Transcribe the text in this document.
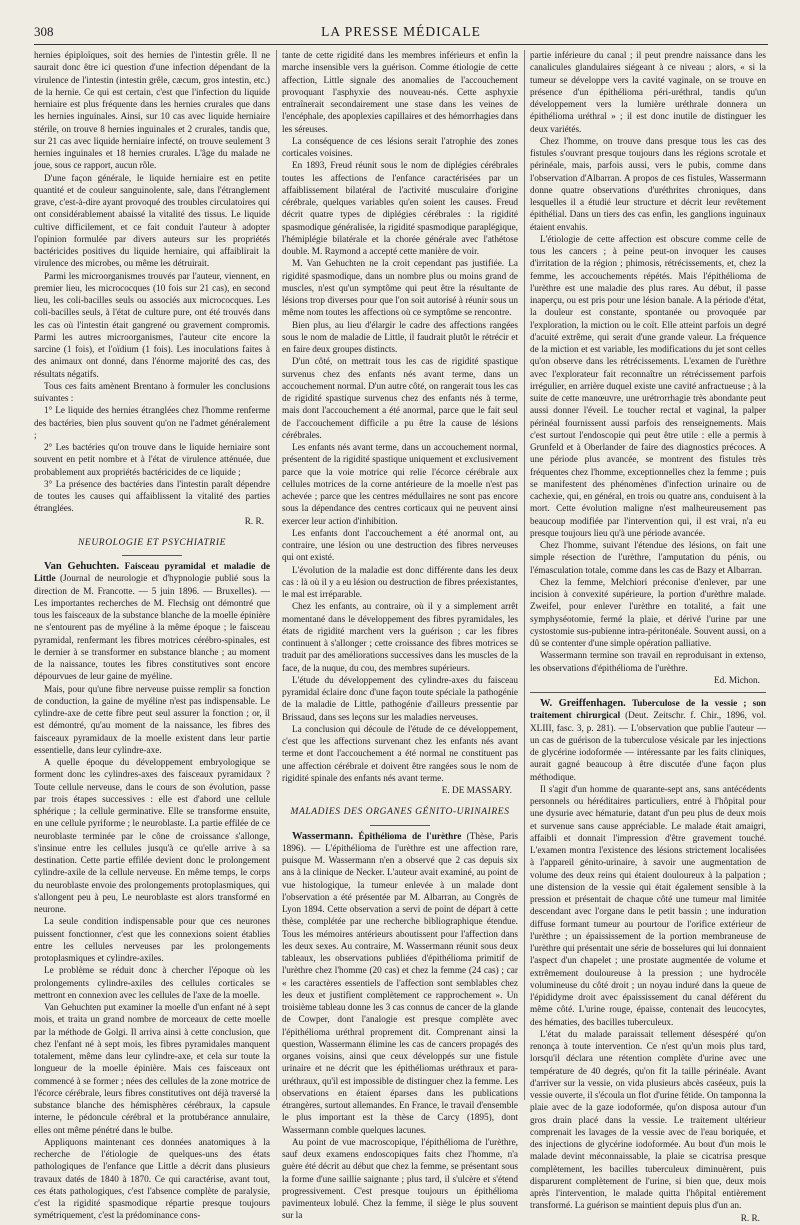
308	LA PRESSE MÉDICALE

hernies épiploïques, soit des hernies de l'intestin grêle. Il ne saurait donc être ici question d'une infection dépendant de la virulence de l'intestin (intestin grêle, cæcum, gros intestin, etc.) de la hernie. Ce qui est certain, c'est que l'infection du liquide herniaire est plus fréquente dans les hernies crurales que dans les hernies inguinales. Ainsi, sur 10 cas avec liquide herniaire stérile, on trouve 8 hernies inguinales et 2 crurales, tandis que, sur 21 cas avec liquide herniaire infecté, on trouve seulement 3 hernies inguinales et 18 hernies crurales. L'âge du malade ne joue, sous ce rapport, aucun rôle.

D'une façon générale, le liquide herniaire est en petite quantité et de couleur sanguinolente, sale, dans l'étranglement grave, c'est-à-dire ayant provoqué des troubles circulatoires qui ont considérablement abaissé la vitalité des tissus. Le liquide cultive difficilement, et ce fait conduit l'auteur à adopter l'opinion formulée par divers auteurs sur les propriétés bactéricides positives du liquide herniaire, qui affaiblirait la virulence des microbes, ou même les détruirait.

Parmi les microorganismes trouvés par l'auteur, viennent, en premier lieu, les micrococques (10 fois sur 21 cas), en second lieu, les coli-bacilles seuls ou associés aux micrococques. Les coli-bacilles seuls, à l'état de culture pure, ont été trouvés dans les cas où l'intestin était gangrené ou gravement compromis. Parmi les autres microorganismes, l'auteur cite encore la sarcine (1 fois), et l'oïdium (1 fois). Les inoculations faites à des animaux ont donné, dans l'énorme majorité des cas, des résultats négatifs.

Tous ces faits amènent Brentano à formuler les conclusions suivantes :

1° Le liquide des hernies étranglées chez l'homme renferme des bactéries, bien plus souvent qu'on ne l'admet généralement ;

2° Les bactéries qu'on trouve dans le liquide herniaire sont souvent en petit nombre et à l'état de virulence atténuée, due probablement aux propriétés bactéricides de ce liquide ;

3° La présence des bactéries dans l'intestin paraît dépendre de toutes les causes qui affaiblissent la vitalité des parties étranglées.

R. R.

NEUROLOGIE ET PSYCHIATRIE

Van Gehuchten. Faisceau pyramidal et maladie de Little (Journal de neurologie et d'hypnologie publié sous la direction de M. Francotte. — 5 juin 1896. — Bruxelles). — Les importantes recherches de M. Flechsig ont démontré que tous les faisceaux de la substance blanche de la moelle épinière ne s'entourent pas de myéline à la même époque ; le faisceau pyramidal, renfermant les fibres motrices cérébro-spinales, est le dernier à se transformer en substance blanche ; au moment de la naissance, toutes les fibres constitutives sont encore dépourvues de leur gaine de myéline.

Mais, pour qu'une fibre nerveuse puisse remplir sa fonction de conduction, la gaine de myéline n'est pas indispensable. Le cylindre-axe de cette fibre peut seul assurer la fonction ; or, il est démontré, qu'au moment de la naissance, les fibres des faisceaux pyramidaux de la moelle existent dans leur partie essentielle, dans leur cylindre-axe.

A quelle époque du développement embryologique se forment donc les cylindres-axes des faisceaux pyramidaux ? Toute cellule nerveuse, dans le cours de son évolution, passe par trois étapes successives : elle est d'abord une cellule sphérique ; la cellule germinative. Elle se transforme ensuite, en une cellule pyriforme ; le neuroblaste. La partie effilée de ce neuroblaste terminée par le cône de croissance s'allonge, s'insinue entre les cellules jusqu'à ce qu'elle arrive à sa destination. Cette partie effilée devient donc le prolongement cylindre-axile de la cellule nerveuse. En même temps, le corps du neuroblaste envoie des prolongements protoplasmiques, qui s'allongent peu à peu, Le neuroblaste est alors transformé en neurone.

La seule condition indispensable pour que ces neurones puissent fonctionner, c'est que les connexions soient établies entre les cellules nerveuses par les prolongements protoplasmiques et cylindre-axiles.

Le problème se réduit donc à chercher l'époque où les prolongements cylindre-axiles des cellules corticales se mettront en connexion avec les cellules de l'axe de la moelle.

Van Gehuchten put examiner la moelle d'un enfant né à sept mois, et traita un grand nombre de morceaux de cette moelle par la méthode de Golgi. Il arriva ainsi à cette conclusion, que chez l'enfant né à sept mois, les fibres pyramidales manquent totalement, même dans leur cylindre-axe, et cela sur toute la longueur de la moelle épinière. Mais ces faisceaux ont commencé à se former ; nées des cellules de la zone motrice de l'écorce cérébrale, leurs fibres constitutives ont déjà traversé la substance blanche des hémisphères cérébraux, la capsule interne, le pédoncule cérébral et la protubérance annulaire, elles ont même pénétré dans le bulbe.

Appliquons maintenant ces données anatomiques à la recherche de l'étiologie de quelques-uns des états pathologiques de l'enfance que Little a décrit dans plusieurs travaux datés de 1840 à 1870. Ce qui caractérise, avant tout, ces états pathologiques, c'est l'absence complète de paralysie, c'est la rigidité spasmodique répartie presque toujours symétriquement, c'est la prédominance cons-

tante de cette rigidité dans les membres inférieurs et enfin la marche insensible vers la guérison. Comme étiologie de cette affection, Little signale des anomalies de l'accouchement provoquant l'asphyxie des nouveau-nés. Cette asphyxie entraînerait secondairement une stase dans les veines de l'encéphale, des apoplexies capillaires et des hémorrhagies dans les séreuses.

La conséquence de ces lésions serait l'atrophie des zones corticales voisines.

En 1893, Freud réunit sous le nom de diplégies cérébrales toutes les affections de l'enfance caractérisées par un affaiblissement bilatéral de l'activité musculaire d'origine cérébrale, quelques variables qu'en soient les causes. Freud décrit quatre types de diplégies cérébrales : la rigidité spasmodique généralisée, la rigidité spasmodique paraplégique, l'hémiplégie bilatérale et la chorée générale avec l'athétose double. M. Raymond a accepté cette manière de voir.

M. Van Gehuchten ne la croit cependant pas justifiée. La rigidité spasmodique, dans un nombre plus ou moins grand de muscles, n'est qu'un symptôme qui peut être la résultante de lésions trop diverses pour que l'on soit autorisé à réunir sous un même nom toutes les affections où ce symptôme se rencontre.

Bien plus, au lieu d'élargir le cadre des affections rangées sous le nom de maladie de Little, il faudrait plutôt le rétrécir et en faire deux groupes distincts.

D'un côté, on mettrait tous les cas de rigidité spastique survenus chez des enfants nés avant terme, dans un accouchement normal. D'un autre côté, on rangerait tous les cas de rigidité spastique survenus chez des enfants nés à terme, mais dont l'accouchement a été anormal, parce que le fait seul de l'accouchement difficile a pu être la cause de lésions cérébrales.

Les enfants nés avant terme, dans un accouchement normal, présentent de la rigidité spastique uniquement et exclusivement parce que la voie motrice qui relie l'écorce cérébrale aux cellules motrices de la corne antérieure de la moelle n'est pas achevée ; parce que les centres médullaires ne sont pas encore sous la dépendance des centres corticaux qui ne peuvent ainsi exercer leur action d'inhibition.

Les enfants dont l'accouchement a été anormal ont, au contraire, une lésion ou une destruction des fibres nerveuses qui ont existé.

L'évolution de la maladie est donc différente dans les deux cas : là où il y a eu lésion ou destruction de fibres préexistantes, le mal est irréparable.

Chez les enfants, au contraire, où il y a simplement arrêt momentané dans le développement des fibres pyramidales, les états de rigidité marchent vers la guérison ; car les fibres continuent à s'allonger ; cette croissance des fibres motrices se traduit par des améliorations successives dans les muscles de la face, de la nuque, du cou, des membres supérieurs.

L'étude du développement des cylindre-axes du faisceau pyramidal éclaire donc d'une façon toute spéciale la pathogénie de la maladie de Little, pathogénie d'ailleurs pressentie par Brissaud, dans ses leçons sur les maladies nerveuses.

La conclusion qui découle de l'étude de ce développement, c'est que les affections survenant chez les enfants nés avant terme et dont l'accouchement a été normal ne constituent pas une affection cérébrale et doivent être rangées sous le nom de rigidité spinale des enfants nés avant terme.

E. DE MASSARY.

MALADIES DES ORGANES GÉNITO-URINAIRES

Wassermann. Épithélioma de l'urèthre (Thèse, Paris 1896). — L'épithélioma de l'urèthre est une affection rare, puisque M. Wassermann n'en a observé que 2 cas depuis six ans à la clinique de Necker. L'auteur avait examiné, au point de vue histologique, la tumeur enlevée à un malade dont l'observation a été présentée par M. Albarran, au Congrès de Lyon 1894. Cette observation a servi de point de départ à cette thèse, complétée par une recherche bibliographique étendue. Tous les mémoires antérieurs aboutissent pour l'affection dans les deux sexes. Au contraire, M. Wassermann réunit sous deux tableaux, les observations publiées d'épithélioma primitif de l'urèthre chez l'homme (20 cas) et chez la femme (24 cas) ; car « les caractères essentiels de l'affection sont semblables chez les deux et justifient complètement ce rapprochement ». Un troisième tableau donne les 3 cas connus de cancer de la glande de Cowper, dont l'analogie est presque complète avec l'épithélioma uréthral proprement dit. Comprenant ainsi la question, Wassermann élimine les cas de cancers propagés des organes voisins, ainsi que ceux développés sur une fistule urinaire et ne décrit que les épithéliomas uréthraux et para-uréthraux, qu'il est impossible de distinguer chez la femme. Les observations en étaient éparses dans les publications étrangères, surtout allemandes. En France, le travail d'ensemble le plus important est la thèse de Carcy (1895), dont Wassermann comble quelques lacunes.

Au point de vue macroscopique, l'épithélioma de l'urèthre, sauf deux examens endoscopiques faits chez l'homme, n'a guère été décrit au début que chez la femme, se présentant sous la forme d'une saillie saignante ; plus tard, il s'ulcère et s'étend progressivement. C'est presque toujours un épithélioma pavimenteux lobulé. Chez la femme, il siège le plus souvent sur la

partie inférieure du canal ; il peut prendre naissance dans les canalicules glandulaires siégeant à ce niveau ; alors, « si la tumeur se développe vers la cavité vaginale, on se trouve en présence d'un épithélioma péri-uréthral, tandis qu'un développement vers la lumière uréthrale donnera un épithélioma uréthral » ; il est donc inutile de distinguer les deux variétés.

Chez l'homme, on trouve dans presque tous les cas des fistules s'ouvrant presque toujours dans les régions scrotale et périnéale, mais, parfois aussi, vers le pubis, comme dans l'observation d'Albarran. A propos de ces fistules, Wassermann donne quatre observations d'uréthrites chroniques, dans lesquelles il a étudié leur structure et décrit leur revêtement épithélial. Dans un tiers des cas enfin, les ganglions inguinaux étaient envahis.

L'étiologie de cette affection est obscure comme celle de tous les cancers ; à peine peut-on invoquer les causes d'irritation de la région ; phimosis, rétrécissements, et, chez la femme, les accouchements répétés. Mais l'épithélioma de l'urèthre est une maladie des plus rares. Au début, il passe inaperçu, ou est pris pour une lésion banale. A la période d'état, la douleur est constante, spontanée ou provoquée par l'exploration, la miction ou le coït. Elle atteint parfois un degré d'acuité extrême, qui serait d'une grande valeur. La fréquence de la miction et est variable, les modifications du jet sont celles qu'on observe dans les rétrécissements. L'examen de l'urèthre avec l'explorateur fait reconnaître un rétrécissement parfois irrégulier, en arrière duquel existe une cavité anfractueuse ; à la suite de cette manœuvre, une urétrorrhagie très abondante peut aussi donner l'éveil. Le toucher rectal et vaginal, la palper périnéal fournissent aussi parfois des renseignements. Mais c'est surtout l'endoscopie qui peut être utile : elle a permis à Grunfeld et à Oberlander de faire des diagnostics précoces. A une période plus avancée, se montrent des fistules très fréquentes chez l'homme, exceptionnelles chez la femme ; puis se manifestent des phénomènes d'infection urinaire ou de cachexie, qui, en général, en trois ou quatre ans, conduisent à la mort. Cette évolution maligne n'est malheureusement pas beaucoup modifiée par l'intervention qui, il est vrai, n'a eu presque toujours lieu qu'à une période avancée.

Chez l'homme, suivant l'étendue des lésions, on fait une simple résection de l'urèthre, l'amputation du pénis, ou l'émasculation totale, comme dans les cas de Bazy et Albarran.

Chez la femme, Melchiori préconise d'enlever, par une incision à convexité supérieure, la portion d'urèthre malade. Zweifel, pour enlever l'urèthre en totalité, a fait une symphyséotomie, fermé la plaie, et dérivé l'urine par une cystostomie sus-pubienne intra-péritonéale. Souvent aussi, on a dû se contenter d'une simple opération palliative.

Wassermann termine son travail en reproduisant in extenso, les observations d'épithélioma de l'urèthre.

Ed. Michon.

W. Greiffenhagen. Tuberculose de la vessie ; son traitement chirurgical (Deut. Zeitschr. f. Chir., 1896, vol. XLIII, fasc. 3, p. 281). — L'observation que publie l'auteur — un cas de guérison de la tuberculose vésicale par les injections de glycérine iodoformée — intéressante par les faits cliniques, aurait gagné beaucoup à être discutée d'une façon plus méthodique.

Il s'agit d'un homme de quarante-sept ans, sans antécédents personnels ou héréditaires particuliers, entré à l'hôpital pour une dysurie avec hématurie, datant d'un peu plus de deux mois et survenue sans cause appréciable. Le malade était amaigri, affaibli et donnait l'impression d'être gravement touché. L'examen montra l'existence des lésions strictement localisées à l'appareil génito-urinaire, à savoir une augmentation de volume des deux reins qui étaient douloureux à la palpation ; une distension de la vessie qui était également sensible à la pression et présentait de chaque côté une tumeur mal limitée descendant avec l'organe dans le petit bassin ; une induration diffuse formant tumeur au pourtour de l'orifice extérieur de l'urèthre ; un épaississement de la portion membraneuse de l'urèthre qui présentait une série de bosselures qui lui donnaient l'aspect d'un chapelet ; une prostate augmentée de volume et extrêmement douloureuse à la pression ; une hydrocèle volumineuse du côté droit ; un noyau induré dans la queue de l'épididyme droit avec épaississement du canal déférent du même côté. L'urine rouge, épaisse, contenait des leucocytes, des hématies, des bacilles tuberculeux.

L'état du malade paraissait tellement désespéré qu'on renonça à toute intervention. Ce n'est qu'un mois plus tard, lorsqu'il déclara une rétention complète d'urine avec une température de 40 degrés, qu'on fit la taille périnéale. Avant d'arriver sur la vessie, on vida plusieurs abcès caséeux, puis la vessie ouverte, il s'écoula un flot d'urine fétide. On tamponna la plaie avec de la gaze iodoformée, qu'on disposa autour d'un gros drain placé dans la vessie. Le traitement ultérieur comprenait les lavages de la vessie avec de l'eau boriquée, et des injections de glycérine iodoformée. Au bout d'un mois le malade devint méconnaissable, la plaie se cicatrisa presque complètement, les bacilles tuberculeux diminuèrent, puis disparurent complètement de l'urine, si bien que, deux mois après l'intervention, le malade quitta l'hôpital entièrement transformé. La guérison se maintient depuis plus d'un an.

R. R.
